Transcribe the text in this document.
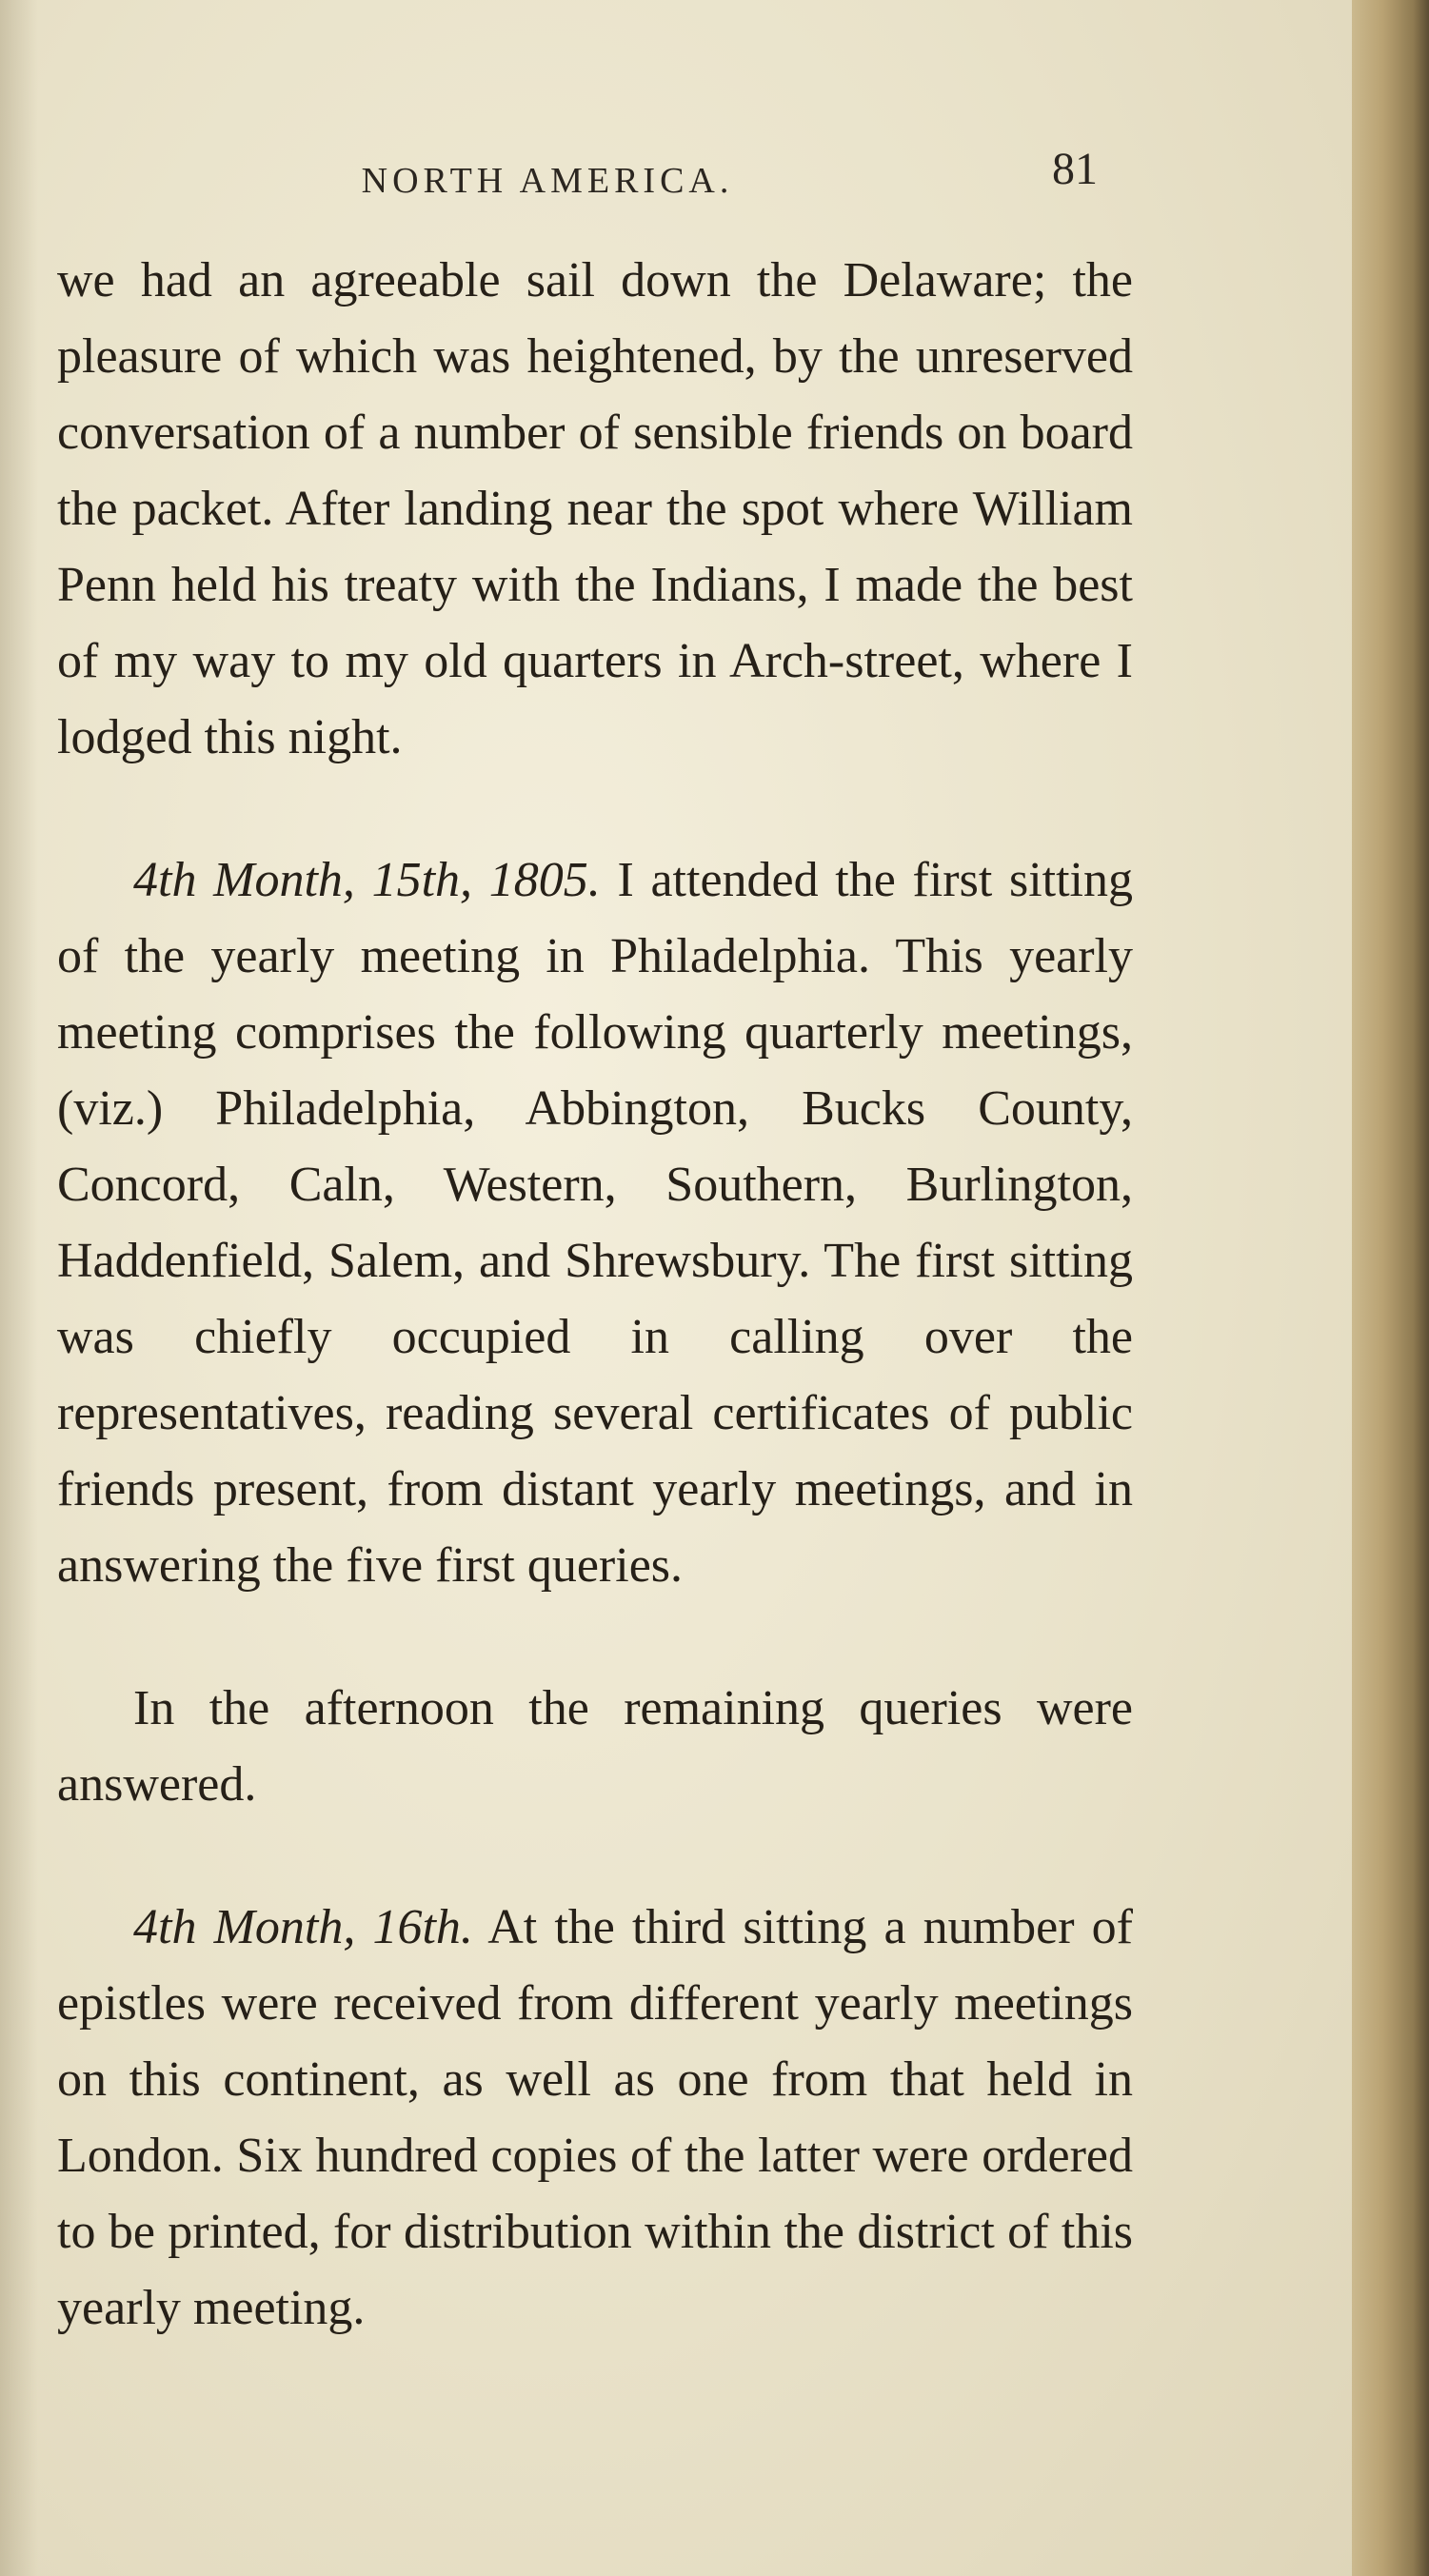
NORTH AMERICA.	81

we had an agreeable sail down the Delaware; the pleasure of which was heightened, by the unreserved conversation of a number of sensible friends on board the packet. After landing near the spot where William Penn held his treaty with the Indians, I made the best of my way to my old quarters in Arch-street, where I lodged this night.

4th Month, 15th, 1805. I attended the first sitting of the yearly meeting in Philadelphia. This yearly meeting comprises the following quarterly meetings, (viz.) Philadelphia, Abbington, Bucks County, Concord, Caln, Western, Southern, Burlington, Haddenfield, Salem, and Shrewsbury. The first sitting was chiefly occupied in calling over the representatives, reading several certificates of public friends present, from distant yearly meetings, and in answering the five first queries.

In the afternoon the remaining queries were answered.

4th Month, 16th. At the third sitting a number of epistles were received from different yearly meetings on this continent, as well as one from that held in London. Six hundred copies of the latter were ordered to be printed, for distribution within the district of this yearly meeting.
